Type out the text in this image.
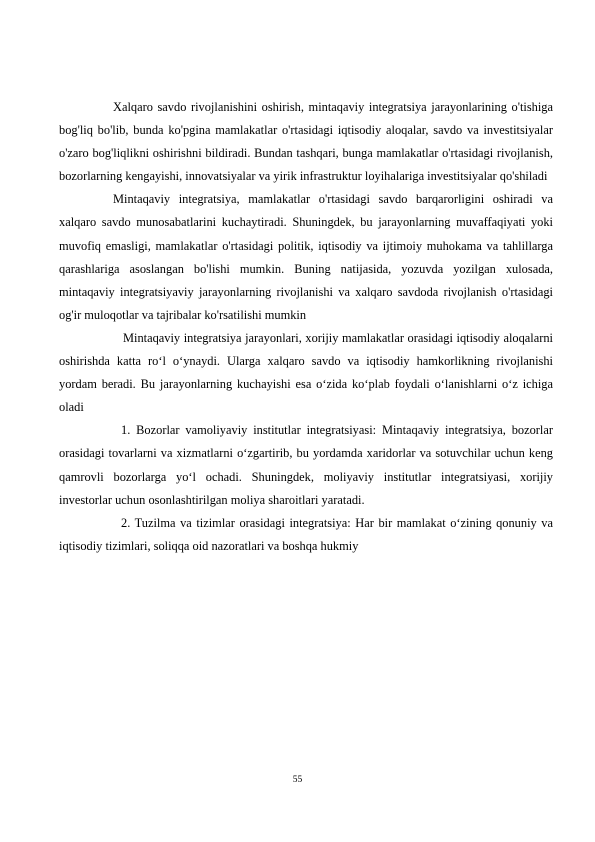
Xalqaro savdo rivojlanishini oshirish, mintaqaviy integratsiya jarayonlarining o'tishiga bog'liq bo'lib, bunda ko'pgina mamlakatlar o'rtasidagi iqtisodiy aloqalar, savdo va investitsiyalar o'zaro bog'liqlikni oshirishni bildiradi. Bundan tashqari, bunga mamlakatlar o'rtasidagi rivojlanish, bozorlarning kengayishi, innovatsiyalar va yirik infrastruktur loyihalariga investitsiyalar qo'shiladi

Mintaqaviy integratsiya, mamlakatlar o'rtasidagi savdo barqarorligini oshiradi va xalqaro savdo munosabatlarini kuchaytiradi. Shuningdek, bu jarayonlarning muvaffaqiyati yoki muvofiq emasligi, mamlakatlar o'rtasidagi politik, iqtisodiy va ijtimoiy muhokama va tahlillarga qarashlariga asoslangan bo'lishi mumkin. Buning natijasida, yozuvda yozilgan xulosada, mintaqaviy integratsiyaviy jarayonlarning rivojlanishi va xalqaro savdoda rivojlanish o'rtasidagi og'ir muloqotlar va tajribalar ko'rsatilishi mumkin

Mintaqaviy integratsiya jarayonlari, xorijiy mamlakatlar orasidagi iqtisodiy aloqalarni oshirishda katta ro‘l o‘ynaydi. Ularga xalqaro savdo va iqtisodiy hamkorlikning rivojlanishi yordam beradi. Bu jarayonlarning kuchayishi esa o‘zida ko‘plab foydali o‘lanishlarni o‘z ichiga oladi

1. Bozorlar vamoliyaviy institutlar integratsiyasi: Mintaqaviy integratsiya, bozorlar orasidagi tovarlarni va xizmatlarni o‘zgartirib, bu yordamda xaridorlar va sotuvchilar uchun keng qamrovli bozorlarga yo‘l ochadi. Shuningdek, moliyaviy institutlar integratsiyasi, xorijiy investorlar uchun osonlashtirilgan moliya sharoitlari yaratadi.

2. Tuzilma va tizimlar orasidagi integratsiya: Har bir mamlakat o‘zining qonuniy va iqtisodiy tizimlari, soliqqa oid nazoratlari va boshqa hukmiy

55
